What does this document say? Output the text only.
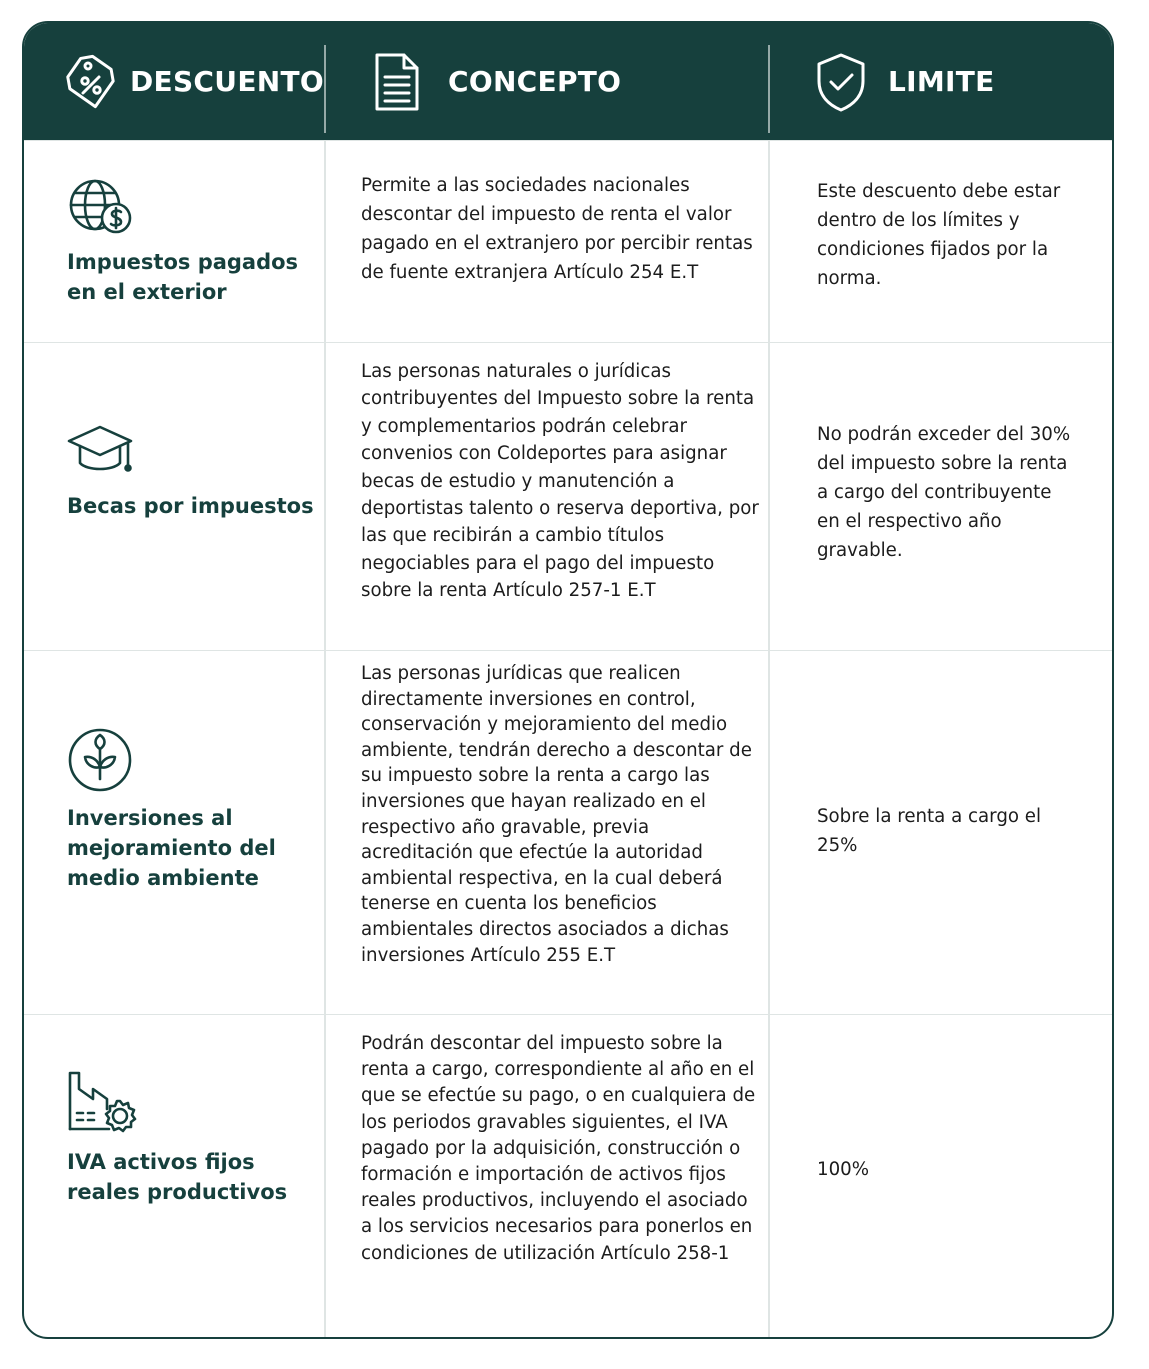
DESCUENTO	CONCEPTO	LIMITE
Impuestos pagados en el exterior
Permite a las sociedades nacionales descontar del impuesto de renta el valor pagado en el extranjero por percibir rentas de fuente extranjera Artículo 254 E.T
Este descuento debe estar dentro de los límites y condiciones fijados por la norma.
Becas por impuestos
Las personas naturales o jurídicas contribuyentes del Impuesto sobre la renta y complementarios podrán celebrar convenios con Coldeportes para asignar becas de estudio y manutención a deportistas talento o reserva deportiva, por las que recibirán a cambio títulos negociables para el pago del impuesto sobre la renta Artículo 257-1 E.T
No podrán exceder del 30% del impuesto sobre la renta a cargo del contribuyente en el respectivo año gravable.
Inversiones al mejoramiento del medio ambiente
Las personas jurídicas que realicen directamente inversiones en control, conservación y mejoramiento del medio ambiente, tendrán derecho a descontar de su impuesto sobre la renta a cargo las inversiones que hayan realizado en el respectivo año gravable, previa acreditación que efectúe la autoridad ambiental respectiva, en la cual deberá tenerse en cuenta los beneficios ambientales directos asociados a dichas inversiones Artículo 255 E.T
Sobre la renta a cargo el 25%
IVA activos fijos reales productivos
Podrán descontar del impuesto sobre la renta a cargo, correspondiente al año en el que se efectúe su pago, o en cualquiera de los periodos gravables siguientes, el IVA pagado por la adquisición, construcción o formación e importación de activos fijos reales productivos, incluyendo el asociado a los servicios necesarios para ponerlos en condiciones de utilización Artículo 258-1
100%
